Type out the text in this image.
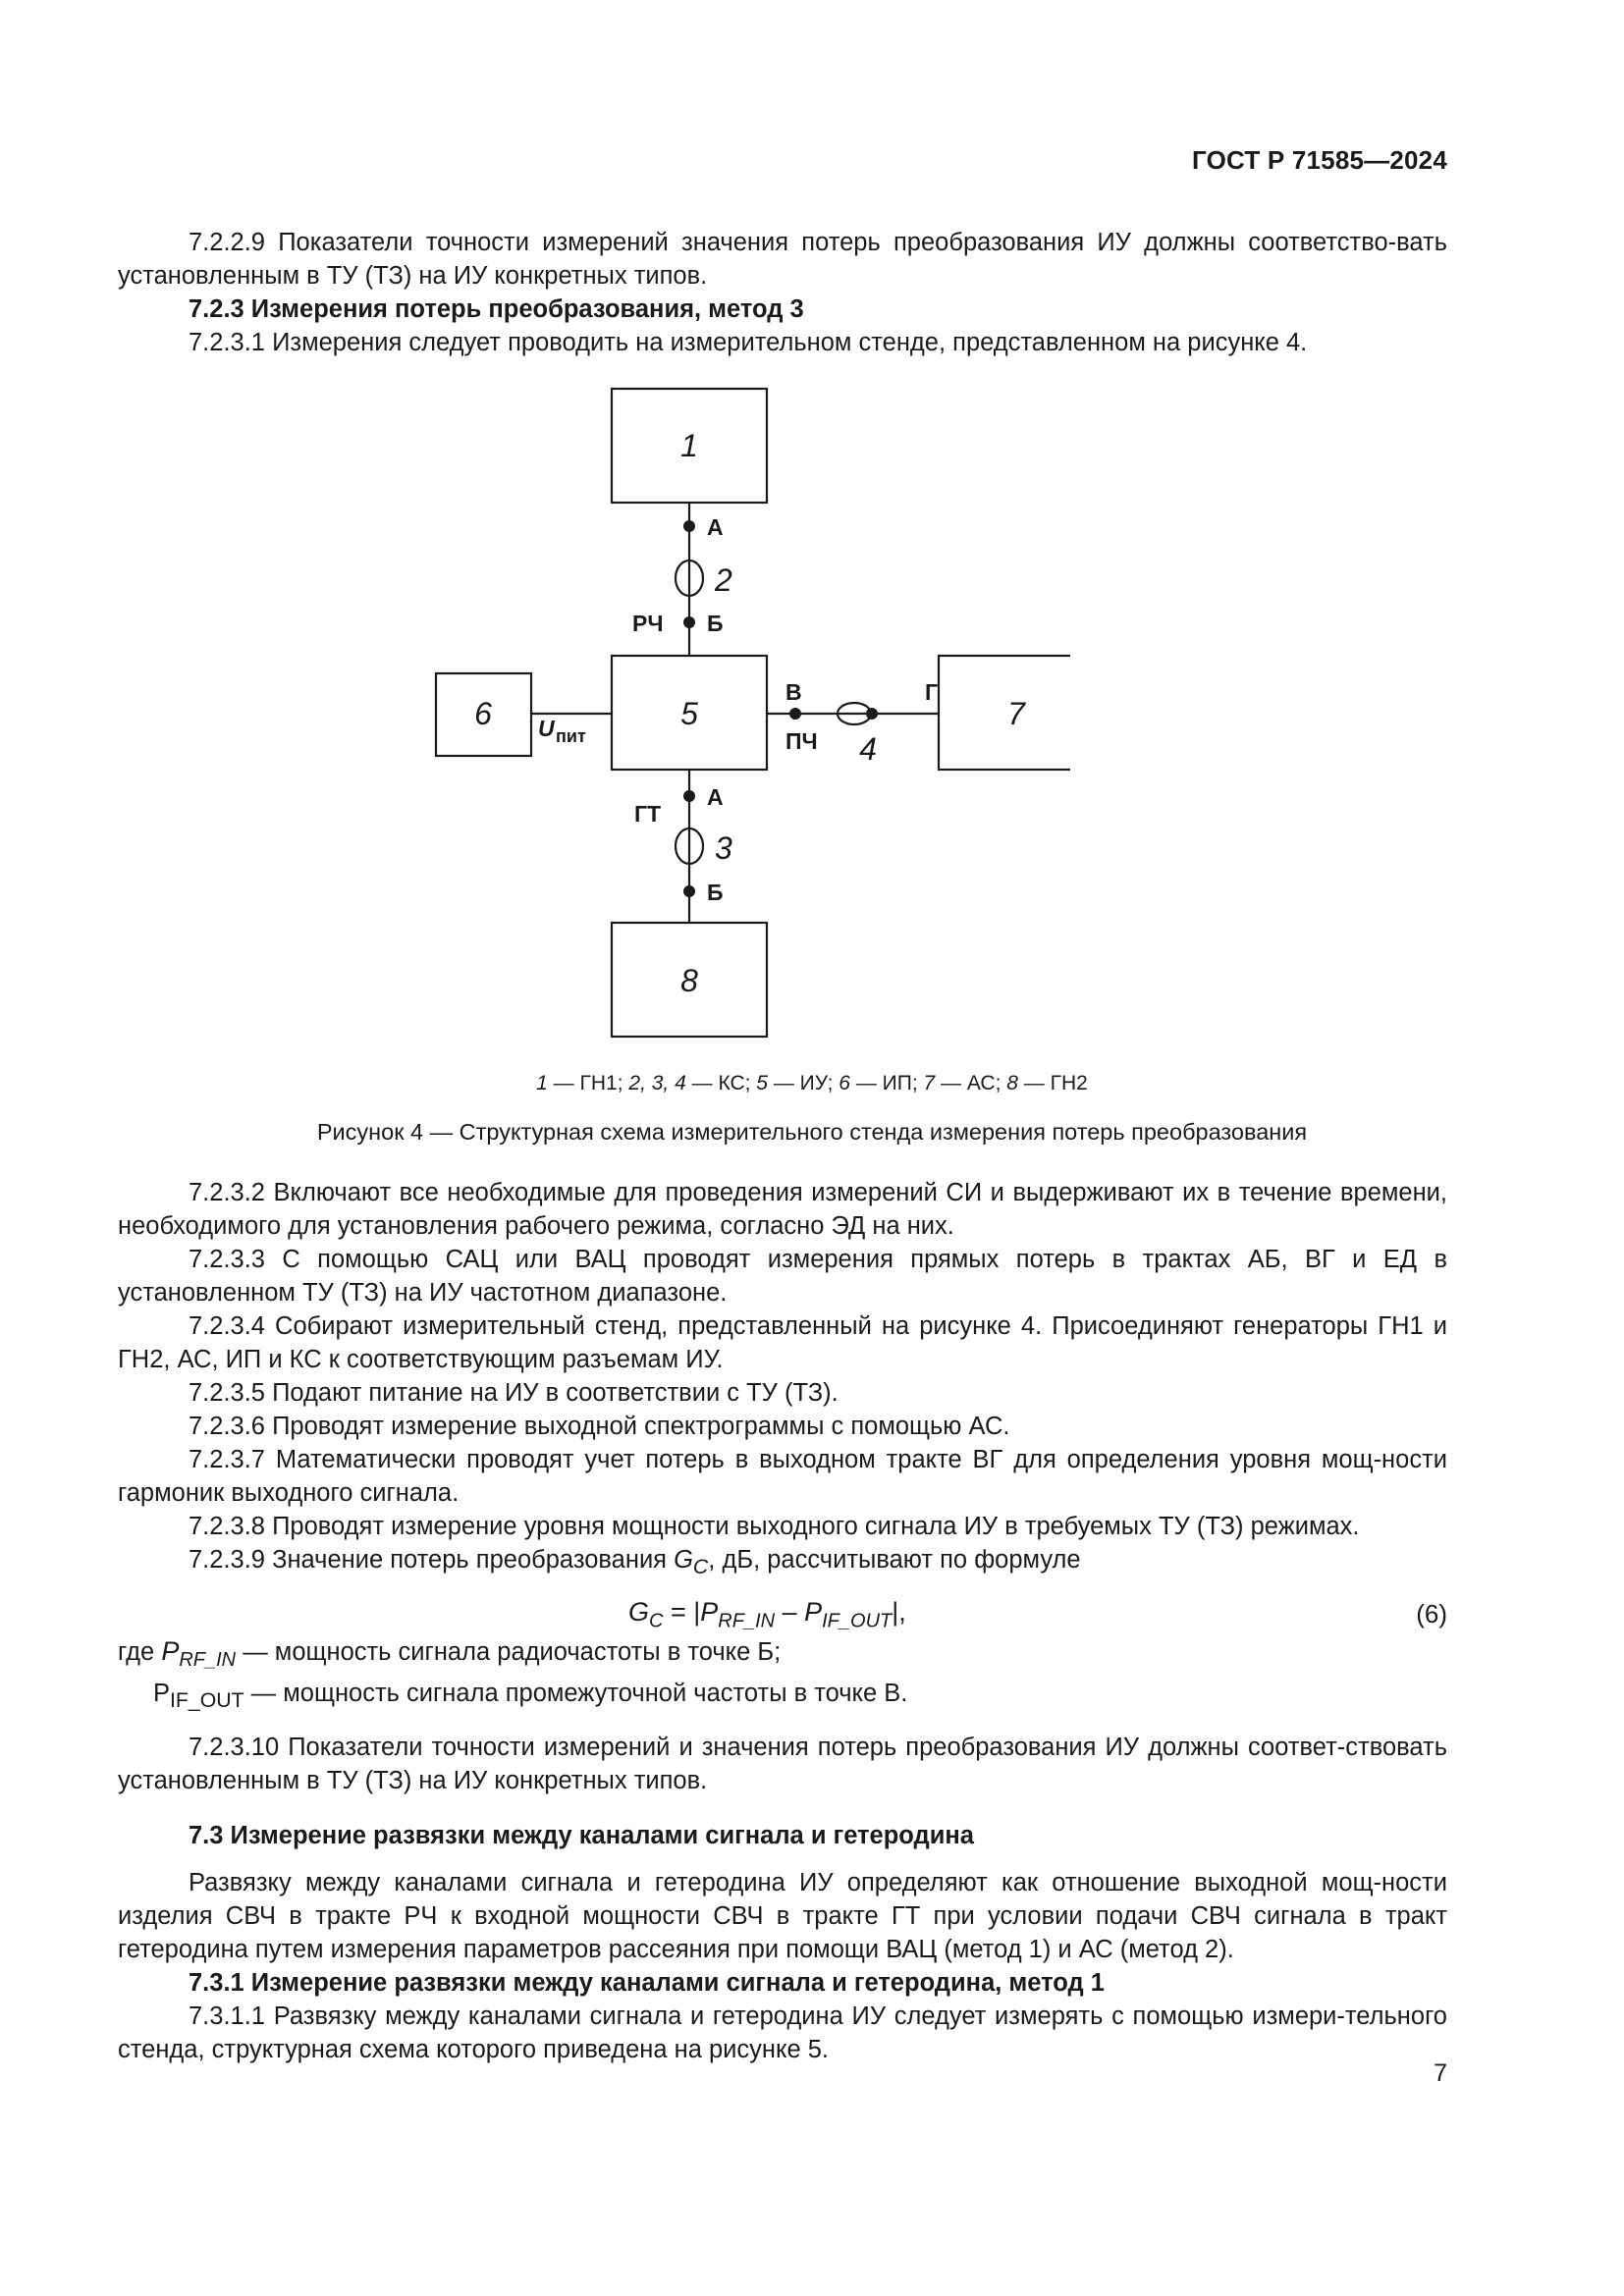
ГОСТ Р 71585—2024

7.2.2.9 Показатели точности измерений значения потерь преобразования ИУ должны соответство-вать установленным в ТУ (ТЗ) на ИУ конкретных типов.

7.2.3 Измерения потерь преобразования, метод 3

7.2.3.1 Измерения следует проводить на измерительном стенде, представленном на рисунке 4.

1
2
3
4
5
6	7
8
А
Б
РЧ
В
ПЧ
Г
ГТ
А
Б
U пит
1 — ГН1; 2, 3, 4 — КС; 5 — ИУ; 6 — ИП; 7 — АС; 8 — ГН2
Рисунок 4 — Структурная схема измерительного стенда измерения потерь преобразования

7.2.3.2 Включают все необходимые для проведения измерений СИ и выдерживают их в течение времени, необходимого для установления рабочего режима, согласно ЭД на них.

7.2.3.3 С помощью САЦ или ВАЦ проводят измерения прямых потерь в трактах АБ, ВГ и ЕД в установленном ТУ (ТЗ) на ИУ частотном диапазоне.

7.2.3.4 Собирают измерительный стенд, представленный на рисунке 4. Присоединяют генераторы ГН1 и ГН2, АС, ИП и КС к соответствующим разъемам ИУ.

7.2.3.5 Подают питание на ИУ в соответствии с ТУ (ТЗ).

7.2.3.6 Проводят измерение выходной спектрограммы с помощью АС.

7.2.3.7 Математически проводят учет потерь в выходном тракте ВГ для определения уровня мощ-ности гармоник выходного сигнала.

7.2.3.8 Проводят измерение уровня мощности выходного сигнала ИУ в требуемых ТУ (ТЗ) режимах.

7.2.3.9 Значение потерь преобразования $G_C$, дБ, рассчитывают по формуле

$G_C = |P_{RF\_IN} - P_{IF\_OUT}|$,	(6)

где $P_{RF\_IN}$ — мощность сигнала радиочастоты в точке Б;

$P_{IF\_OUT}$ — мощность сигнала промежуточной частоты в точке В.

7.2.3.10 Показатели точности измерений и значения потерь преобразования ИУ должны соответ-ствовать установленным в ТУ (ТЗ) на ИУ конкретных типов.

7.3 Измерение развязки между каналами сигнала и гетеродина

Развязку между каналами сигнала и гетеродина ИУ определяют как отношение выходной мощ-ности изделия СВЧ в тракте РЧ к входной мощности СВЧ в тракте ГТ при условии подачи СВЧ сигнала в тракт гетеродина путем измерения параметров рассеяния при помощи ВАЦ (метод 1) и АС (метод 2).

7.3.1 Измерение развязки между каналами сигнала и гетеродина, метод 1

7.3.1.1 Развязку между каналами сигнала и гетеродина ИУ следует измерять с помощью измери-тельного стенда, структурная схема которого приведена на рисунке 5.

7
